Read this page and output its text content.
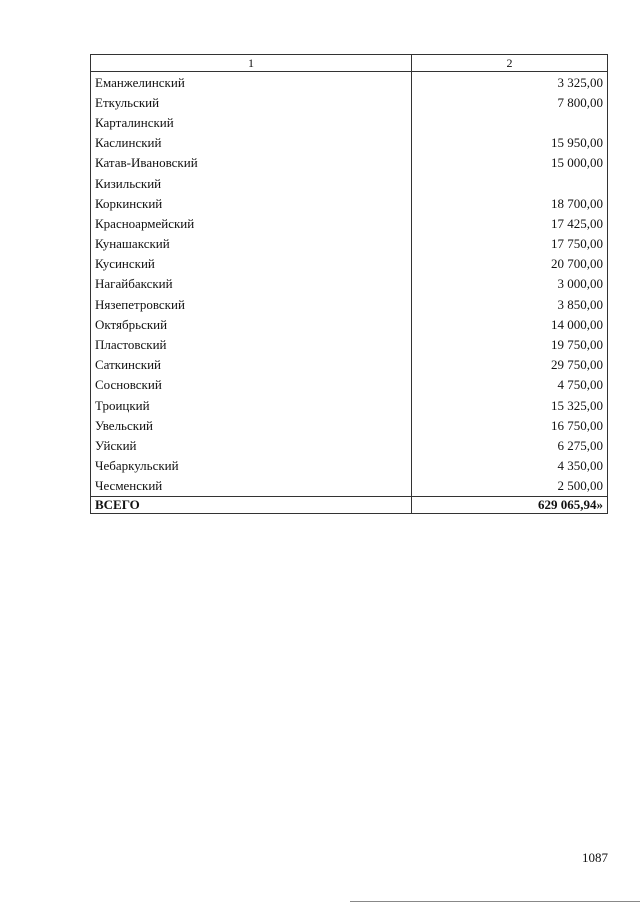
1	2
Еманжелинский	3 325,00
Еткульский	7 800,00
Карталинский	
Каслинский	15 950,00
Катав-Ивановский	15 000,00
Кизильский	
Коркинский	18 700,00
Красноармейский	17 425,00
Кунашакский	17 750,00
Кусинский	20 700,00
Нагайбакский	3 000,00
Нязепетровский	3 850,00
Октябрьский	14 000,00
Пластовский	19 750,00
Саткинский	29 750,00
Сосновский	4 750,00
Троицкий	15 325,00
Увельский	16 750,00
Уйский	6 275,00
Чебаркульский	4 350,00
Чесменский	2 500,00
ВСЕГО	629 065,94»
1087
